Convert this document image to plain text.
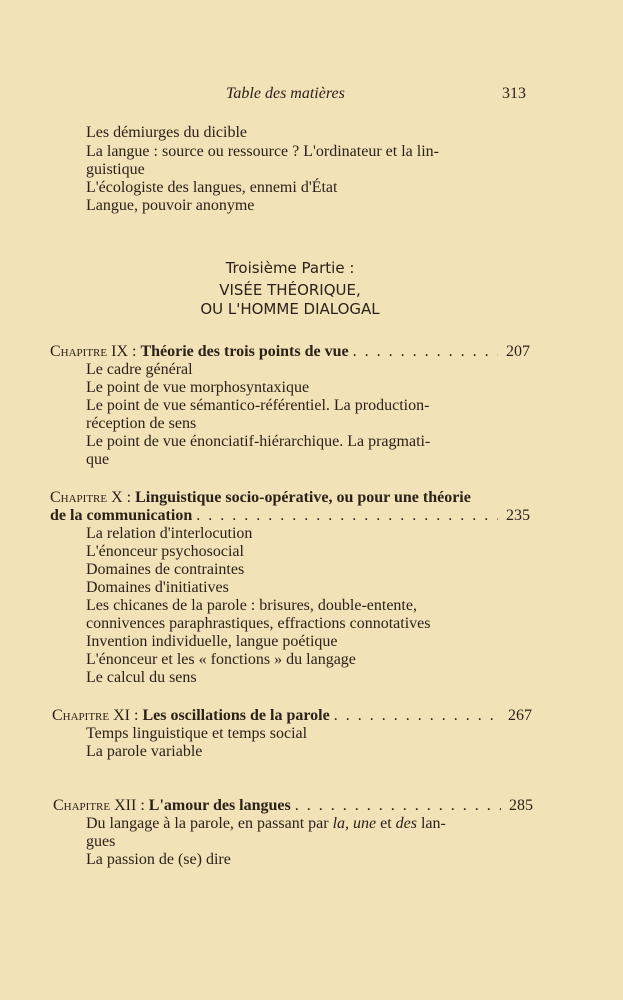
Table des matières	313
Les démiurges du dicible
La langue : source ou ressource ? L'ordinateur et la lin-
guistique
L'écologiste des langues, ennemi d'État
Langue, pouvoir anonyme
Troisième Partie :
VISÉE THÉORIQUE,
OU L'HOMME DIALOGAL
Chapitre IX : Théorie des trois points de vue . . .	207
Le cadre général
Le point de vue morphosyntaxique
Le point de vue sémantico-référentiel. La production-
réception de sens
Le point de vue énonciatif-hiérarchique. La pragmati-
que
Chapitre X : Linguistique socio-opérative, ou pour une théorie
de la communication . . .	235
La relation d'interlocution
L'énonceur psychosocial
Domaines de contraintes
Domaines d'initiatives
Les chicanes de la parole : brisures, double-entente,
connivences paraphrastiques, effractions connotatives
Invention individuelle, langue poétique
L'énonceur et les « fonctions » du langage
Le calcul du sens
Chapitre XI : Les oscillations de la parole . . .	267
Temps linguistique et temps social
La parole variable
Chapitre XII : L'amour des langues . . .	285
Du langage à la parole, en passant par la, une et des lan-
gues
La passion de (se) dire
